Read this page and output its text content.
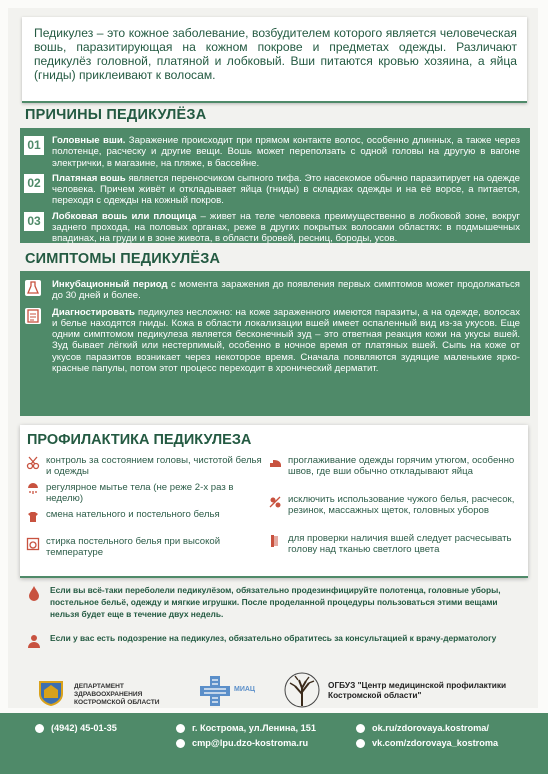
Педикулез – это кожное заболевание, возбудителем которого является человеческая вошь, паразитирующая на кожном покрове и предметах одежды. Различают педикулёз головной, платяной и лобковый. Вши питаются кровью хозяина, а яйца (гниды) приклеивают к волосам.

ПРИЧИНЫ ПЕДИКУЛЁЗА
01	Головные вши. Заражение происходит при прямом контакте волос, особенно длинных, а также через полотенце, расческу и другие вещи. Вошь может переползать с одной головы на другую в вагоне электрички, в магазине, на пляже, в бассейне.
02	Платяная вошь является переносчиком сыпного тифа. Это насекомое обычно паразитирует на одежде человека. Причем живёт и откладывает яйца (гниды) в складках одежды и на её ворсе, а питается, переходя с одежды на кожный покров.
03	Лобковая вошь или площица – живет на теле человека преимущественно в лобковой зоне, вокруг заднего прохода, на половых органах, реже в других покрытых волосами областях: в подмышечных впадинах, на груди и в зоне живота, в области бровей, ресниц, бороды, усов.
СИМПТОМЫ ПЕДИКУЛЁЗА
Инкубационный период с момента заражения до появления первых симптомов может продолжаться до 30 дней и более.
Диагностировать педикулез несложно: на коже зараженного имеются паразиты, а на одежде, волосах и белье находятся гниды. Кожа в области локализации вшей имеет оспаленный вид из-за укусов. Еще одним симптомом педикулеза является бесконечный зуд – это ответная реакция кожи на укусы вшей. Зуд бывает лёгкий или нестерпимый, особенно в ночное время от платяных вшей. Сыпь на коже от укусов паразитов возникает через некоторое время. Сначала появляются зудящие маленькие ярко-красные папулы, потом этот процесс переходит в хронический дерматит.
ПРОФИЛАКТИКА ПЕДИКУЛЕЗА
контроль за состоянием головы, чистотой белья и одежды
регулярное мытье тела (не реже 2-х раз в неделю)
смена нательного и постельного белья
стирка постельного белья при высокой температуре
проглаживание одежды горячим утюгом, особенно швов, где вши обычно откладывают яйца
исключить использование чужого белья, расчесок, резинок, массажных щеток, головных уборов
для проверки наличия вшей следует расчесывать голову над тканью светлого цвета
Если вы всё-таки переболели педикулёзом, обязательно продезинфицируйте полотенца, головные уборы, постельное бельё, одежду и мягкие игрушки. После проделанной процедуры пользоваться этими вещами нельзя будет еще в течение двух недель.
Если у вас есть подозрение на педикулез, обязательно обратитесь за консультацией к врачу-дерматологу
ДЕПАРТАМЕНТ ЗДРАВООХРАНЕНИЯ КОСТРОМСКОЙ ОБЛАСТИ
МИАЦ	ОГБУЗ "Центр медицинской профилактики Костромской области"
(4942) 45-01-35	г. Кострома, ул.Ленина, 151
cmp@lpu.dzo-kostroma.ru
ok.ru/zdorovaya.kostroma/
vk.com/zdorovaya_kostroma
